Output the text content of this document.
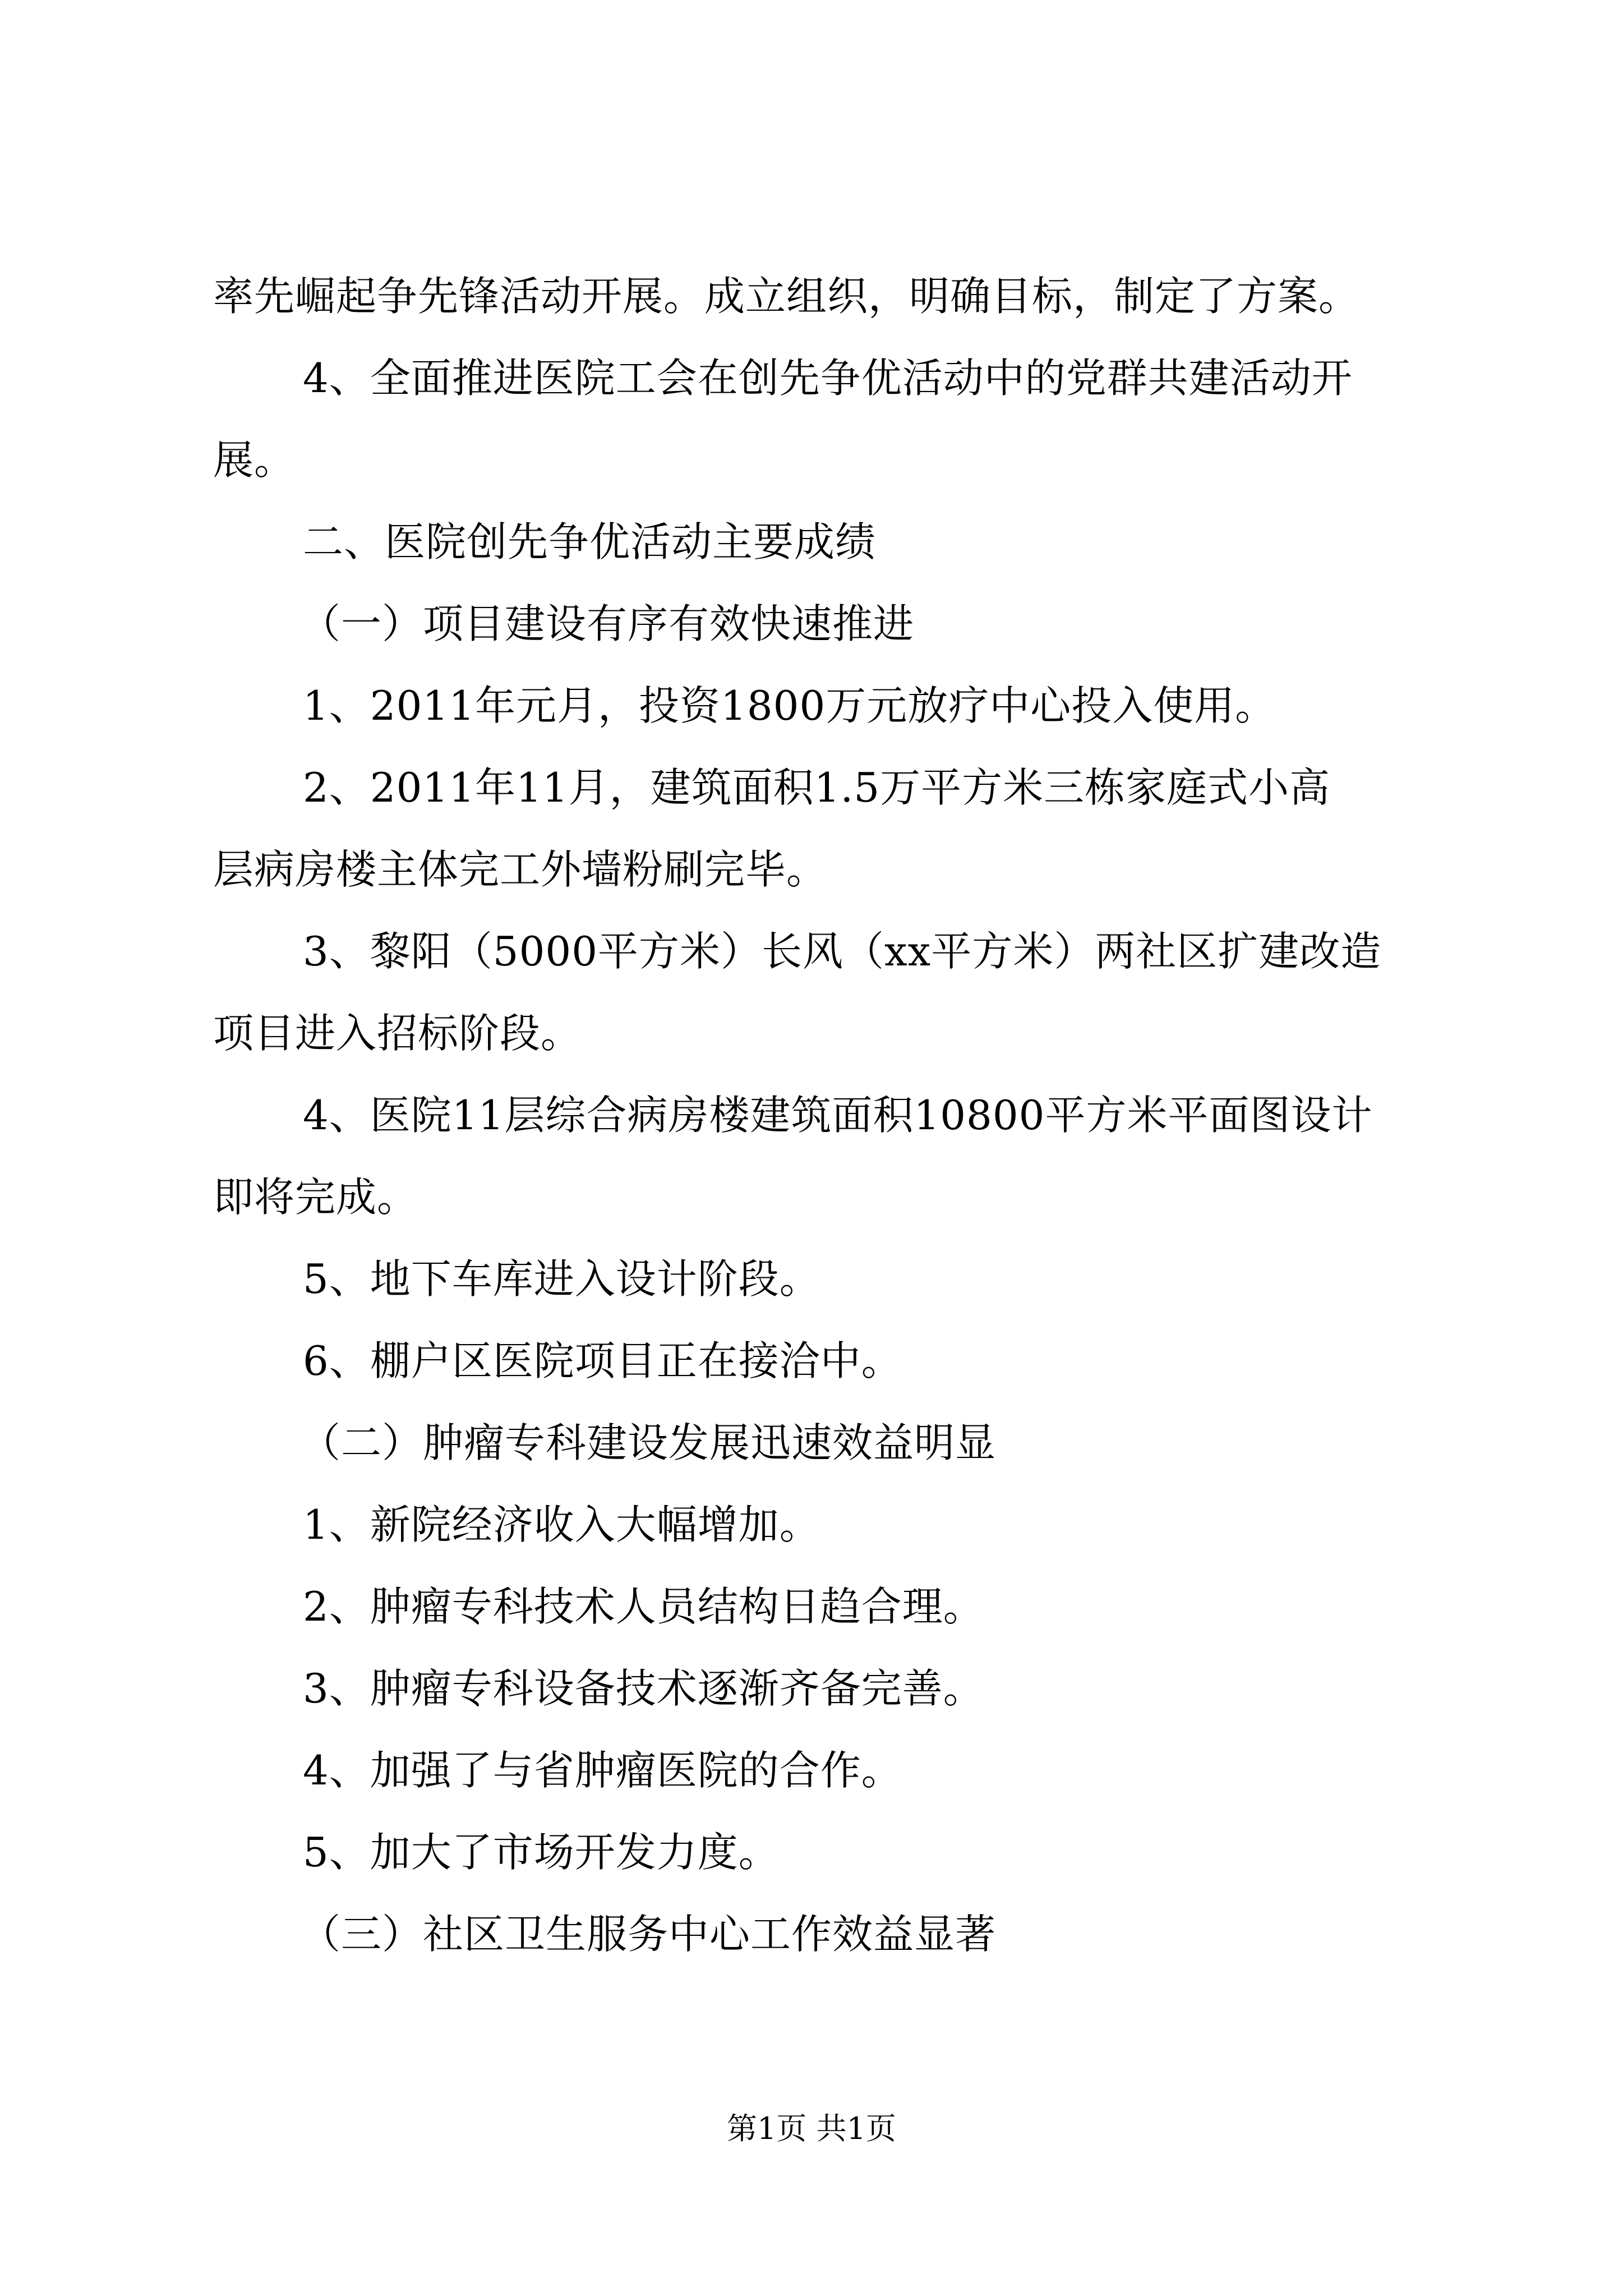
率先崛起争先锋活动开展。成立组织，明确目标，制定了方案。
4、全面推进医院工会在创先争优活动中的党群共建活动开
展。
二、医院创先争优活动主要成绩
（一）项目建设有序有效快速推进
1、2011年元月，投资1800万元放疗中心投入使用。
2、2011年11月，建筑面积1.5万平方米三栋家庭式小高
层病房楼主体完工外墙粉刷完毕。
3、黎阳（5000平方米）长风（xx平方米）两社区扩建改造
项目进入招标阶段。
4、医院11层综合病房楼建筑面积10800平方米平面图设计
即将完成。
5、地下车库进入设计阶段。
6、棚户区医院项目正在接洽中。
（二）肿瘤专科建设发展迅速效益明显
1、新院经济收入大幅增加。
2、肿瘤专科技术人员结构日趋合理。
3、肿瘤专科设备技术逐渐齐备完善。
4、加强了与省肿瘤医院的合作。
5、加大了市场开发力度。
（三）社区卫生服务中心工作效益显著
第1页 共1页
